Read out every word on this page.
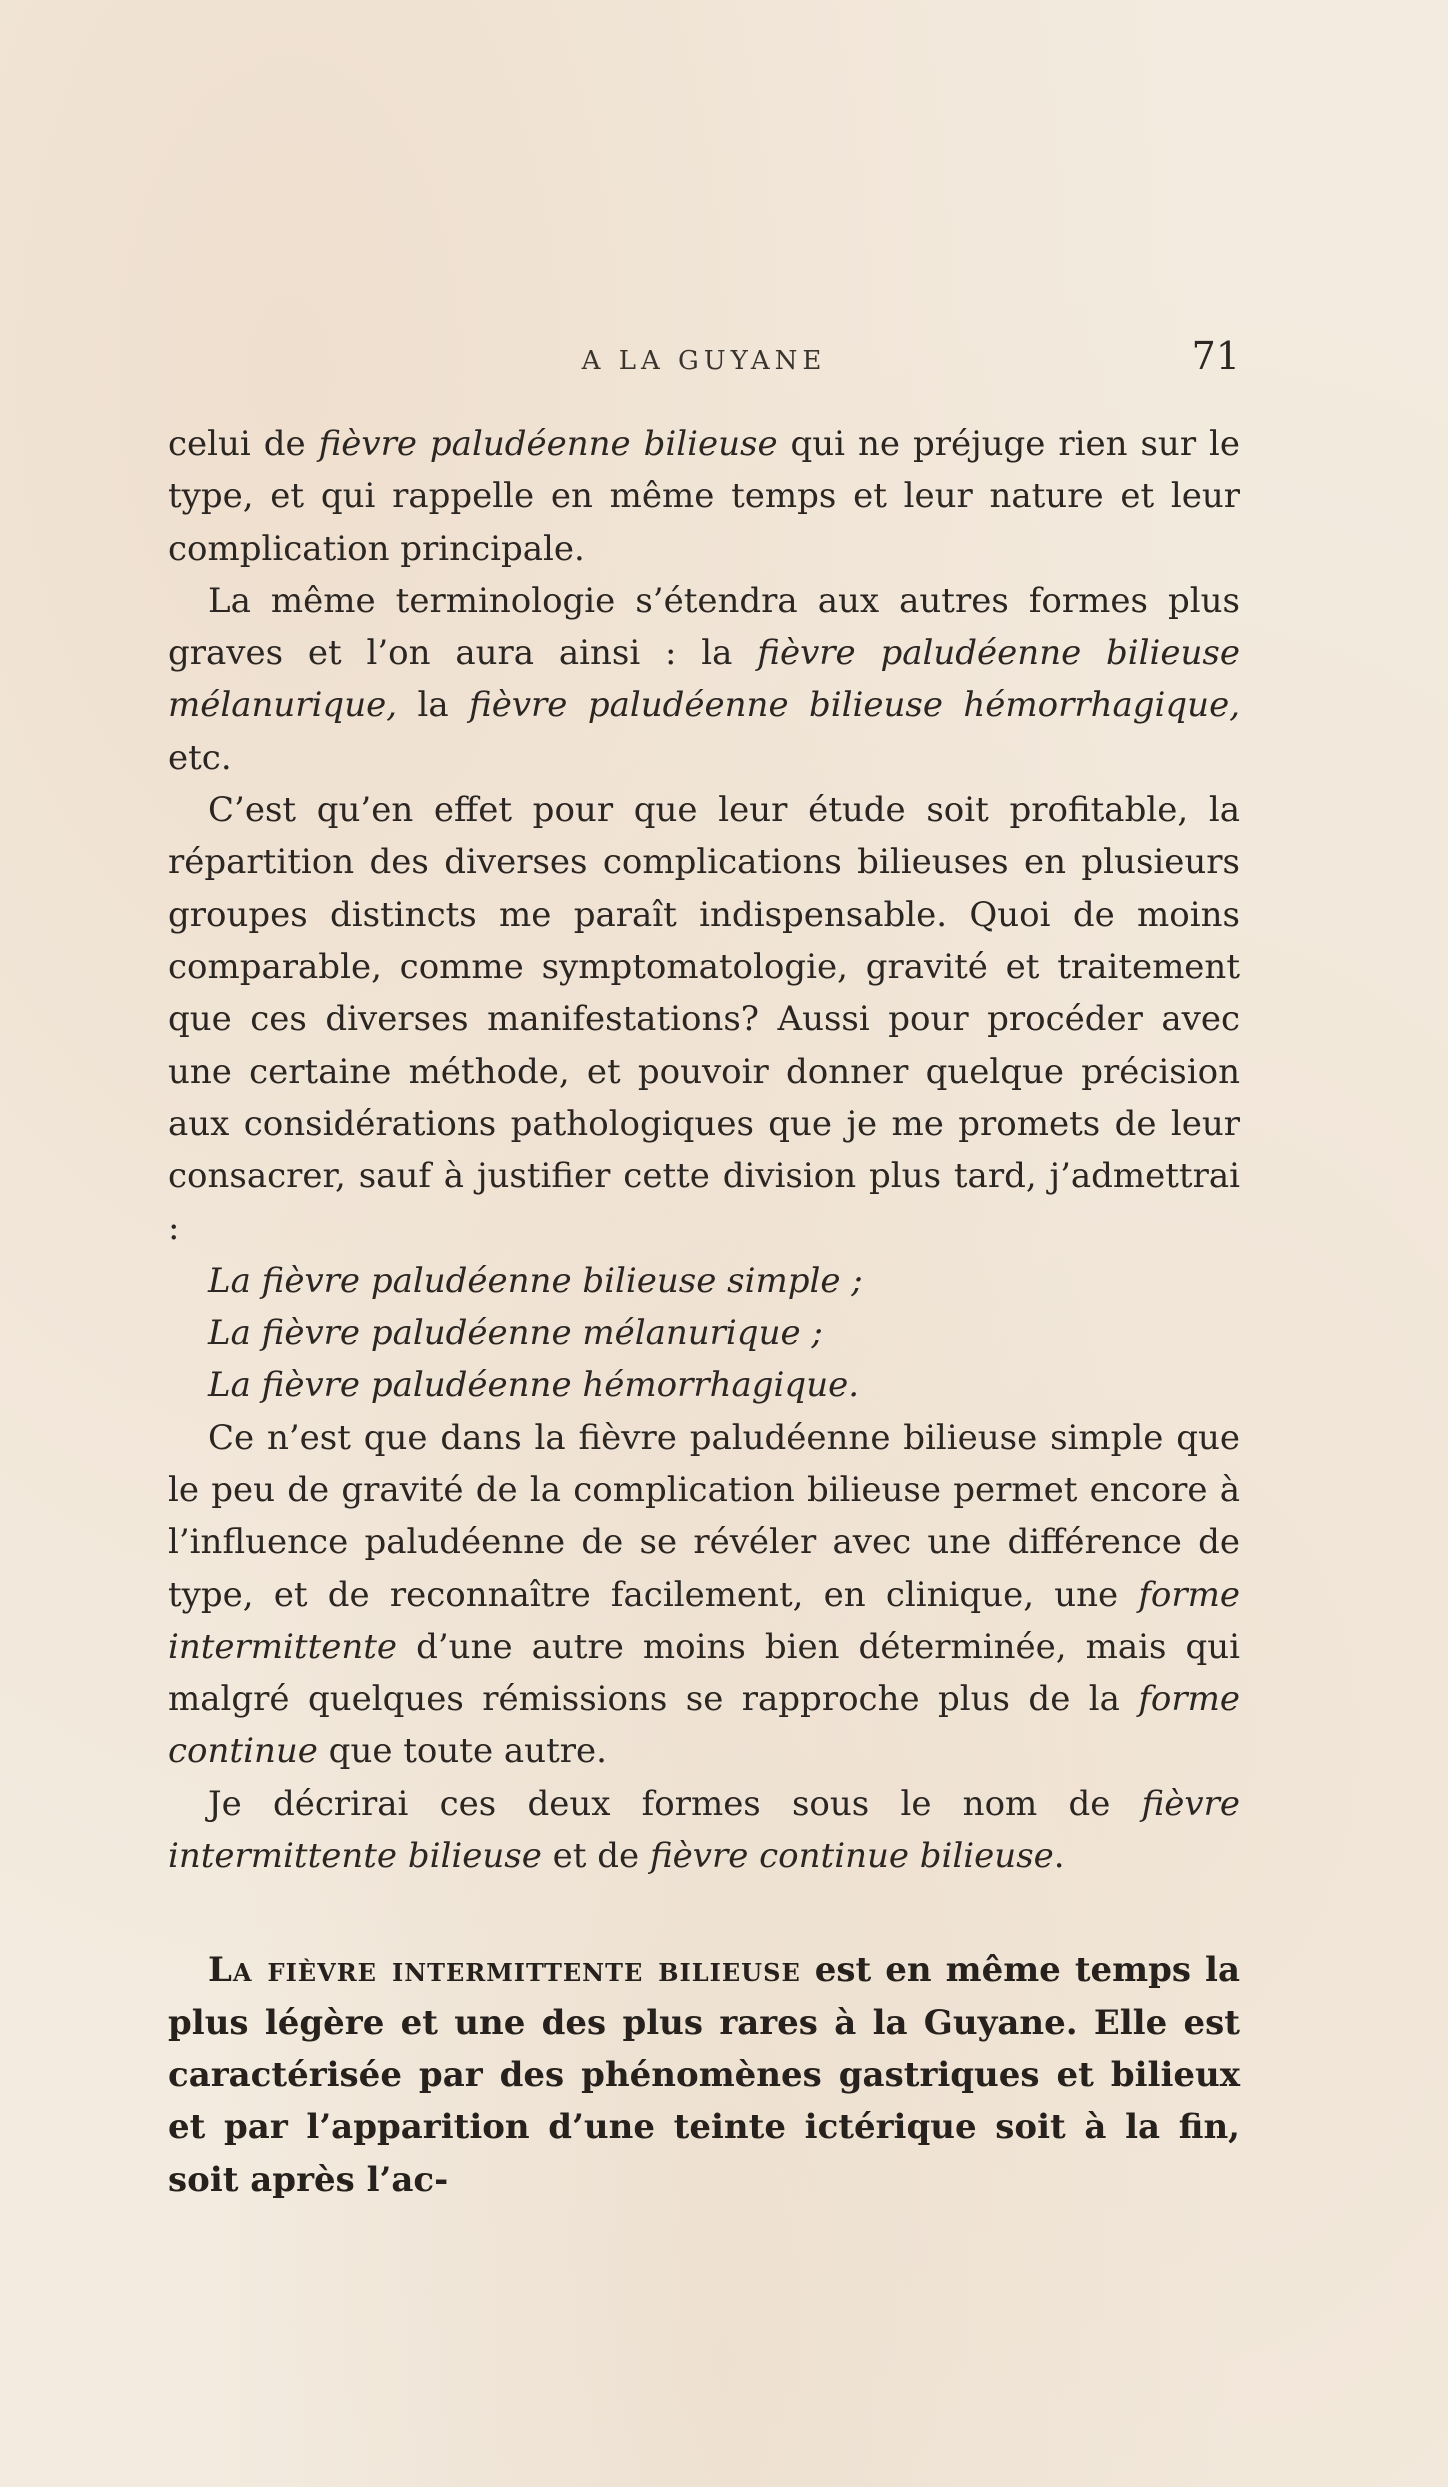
A LA GUYANE	71

celui de fièvre paludéenne bilieuse qui ne préjuge rien sur le type, et qui rappelle en même temps et leur nature et leur complication principale.

La même terminologie s’étendra aux autres formes plus graves et l’on aura ainsi : la fièvre paludéenne bilieuse mélanurique, la fièvre paludéenne bilieuse hémorrhagique, etc.

C’est qu’en effet pour que leur étude soit profitable, la répartition des diverses complications bilieuses en plusieurs groupes distincts me paraît indispensable. Quoi de moins comparable, comme symptomatologie, gravité et traitement que ces diverses manifestations? Aussi pour procéder avec une certaine méthode, et pouvoir donner quelque précision aux considérations pathologiques que je me promets de leur consacrer, sauf à justifier cette division plus tard, j’admettrai :

La fièvre paludéenne bilieuse simple ;

La fièvre paludéenne mélanurique ;

La fièvre paludéenne hémorrhagique.

Ce n’est que dans la fièvre paludéenne bilieuse simple que le peu de gravité de la complication bilieuse permet encore à l’influence paludéenne de se révéler avec une différence de type, et de reconnaître facilement, en clinique, une forme intermittente d’une autre moins bien déterminée, mais qui malgré quelques rémissions se rapproche plus de la forme continue que toute autre.

Je décrirai ces deux formes sous le nom de fièvre intermittente bilieuse et de fièvre continue bilieuse.

La fièvre intermittente bilieuse est en même temps la plus légère et une des plus rares à la Guyane. Elle est caractérisée par des phénomènes gastriques et bilieux et par l’apparition d’une teinte ictérique soit à la fin, soit après l’ac-
